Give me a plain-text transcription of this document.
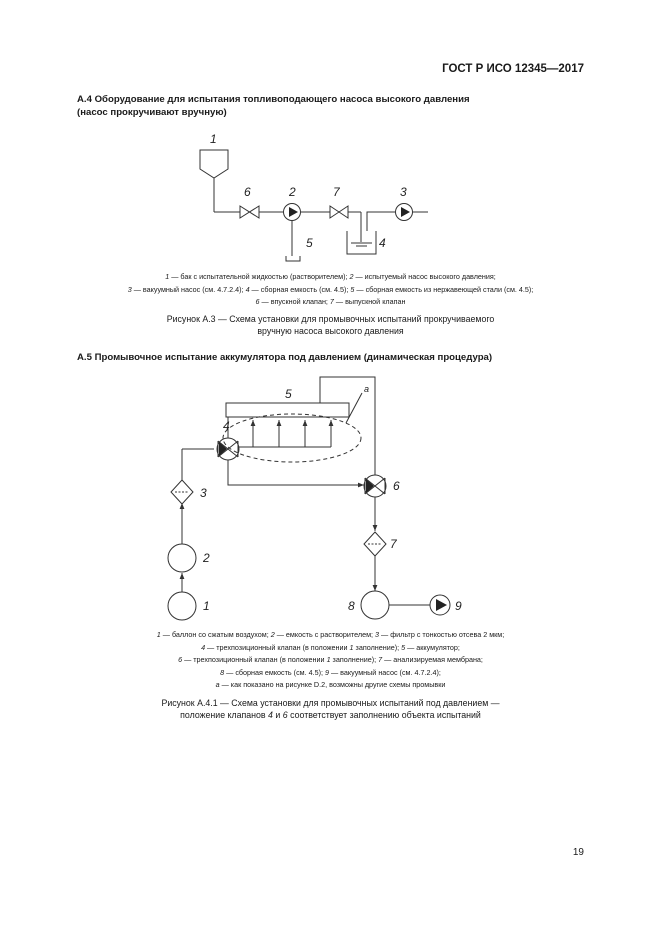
ГОСТ Р ИСО 12345—2017
А.4 Оборудование для испытания топливоподающего насоса высокого давления
(насос прокручивают вручную)
1
6	2	7	3
5	4
1
2
3
4
5
6
7
8	9
a
1 — бак с испытательной жидкостью (растворителем); 2 — испытуемый насос высокого давления;
3 — вакуумный насос (см. 4.7.2.4); 4 — сборная емкость (см. 4.5); 5 — сборная емкость из нержавеющей стали (см. 4.5);
6 — впускной клапан; 7 — выпускной клапан
Рисунок А.3 — Схема установки для промывочных испытаний прокручиваемого
вручную насоса высокого давления
А.5 Промывочное испытание аккумулятора под давлением (динамическая процедура)
1 — баллон со сжатым воздухом; 2 — емкость с растворителем; 3 — фильтр с тонкостью отсева 2 мкм;
4 — трехпозиционный клапан (в положении 1 заполнение); 5 — аккумулятор;
6 — трехпозиционный клапан (в положении 1 заполнение); 7 — анализируемая мембрана;
8 — сборная емкость (см. 4.5); 9 — вакуумный насос (см. 4.7.2.4);
a — как показано на рисунке D.2, возможны другие схемы промывки
Рисунок А.4.1 — Схема установки для промывочных испытаний под давлением —
положение клапанов 4 и 6 соответствует заполнению объекта испытаний
19
